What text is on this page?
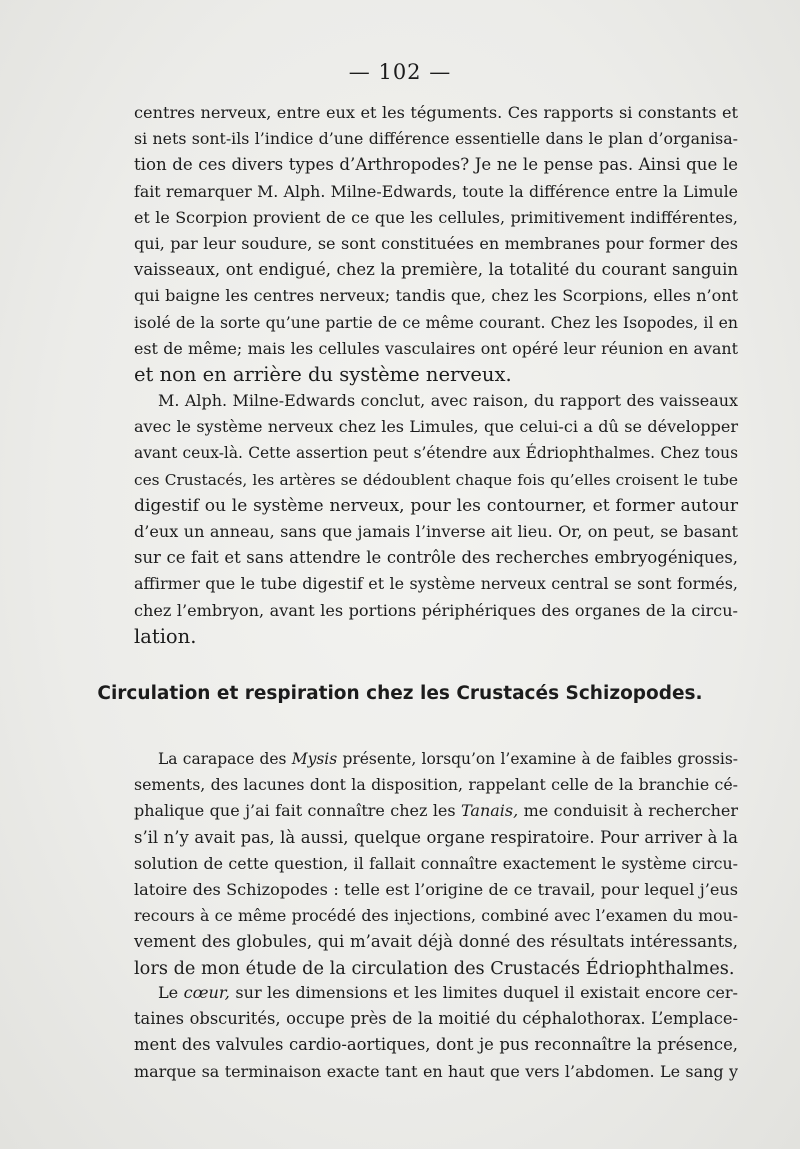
— 102 —
centres nerveux, entre eux et les téguments. Ces rapports si constants et
si nets sont-ils l’indice d’une différence essentielle dans le plan d’organisa-
tion de ces divers types d’Arthropodes? Je ne le pense pas. Ainsi que le
fait remarquer M. Alph. Milne-Edwards, toute la différence entre la Limule
et le Scorpion provient de ce que les cellules, primitivement indifférentes,
qui, par leur soudure, se sont constituées en membranes pour former des
vaisseaux, ont endigué, chez la première, la totalité du courant sanguin
qui baigne les centres nerveux; tandis que, chez les Scorpions, elles n’ont
isolé de la sorte qu’une partie de ce même courant. Chez les Isopodes, il en
est de même; mais les cellules vasculaires ont opéré leur réunion en avant
et non en arrière du système nerveux.
M. Alph. Milne-Edwards conclut, avec raison, du rapport des vaisseaux
avec le système nerveux chez les Limules, que celui-ci a dû se développer
avant ceux-là. Cette assertion peut s’étendre aux Édriophthalmes. Chez tous
ces Crustacés, les artères se dédoublent chaque fois qu’elles croisent le tube
digestif ou le système nerveux, pour les contourner, et former autour
d’eux un anneau, sans que jamais l’inverse ait lieu. Or, on peut, se basant
sur ce fait et sans attendre le contrôle des recherches embryogéniques,
affirmer que le tube digestif et le système nerveux central se sont formés,
chez l’embryon, avant les portions périphériques des organes de la circu-
lation.
Circulation et respiration chez les Crustacés Schizopodes.
La carapace des Mysis présente, lorsqu’on l’examine à de faibles grossis-
sements, des lacunes dont la disposition, rappelant celle de la branchie cé-
phalique que j’ai fait connaître chez les Tanais, me conduisit à rechercher
s’il n’y avait pas, là aussi, quelque organe respiratoire. Pour arriver à la
solution de cette question, il fallait connaître exactement le système circu-
latoire des Schizopodes : telle est l’origine de ce travail, pour lequel j’eus
recours à ce même procédé des injections, combiné avec l’examen du mou-
vement des globules, qui m’avait déjà donné des résultats intéressants,
lors de mon étude de la circulation des Crustacés Édriophthalmes.
Le cœur, sur les dimensions et les limites duquel il existait encore cer-
taines obscurités, occupe près de la moitié du céphalothorax. L’emplace-
ment des valvules cardio-aortiques, dont je pus reconnaître la présence,
marque sa terminaison exacte tant en haut que vers l’abdomen. Le sang y
